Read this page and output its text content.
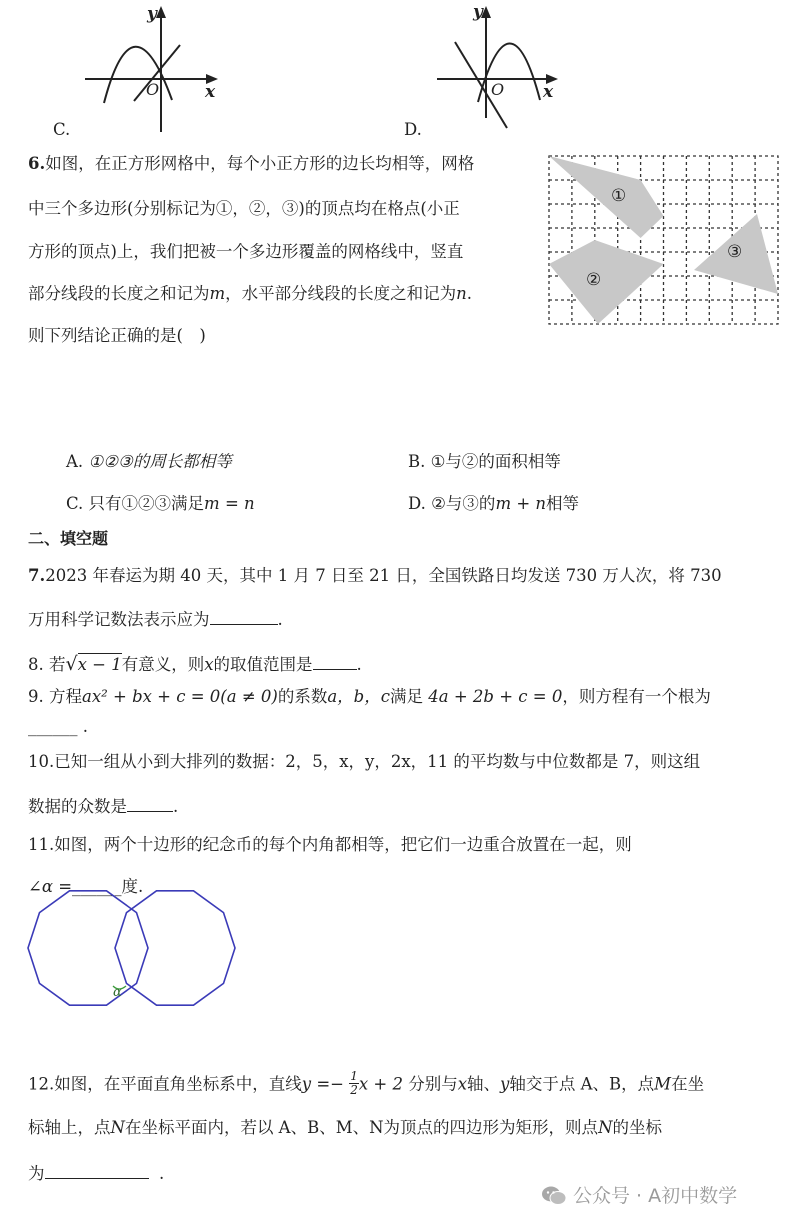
y
x
O
y
x
O
C.	D.
6.如图，在正方形网格中，每个小正方形的边长均相等，网格
中三个多边形(分别标记为①，②，③)的顶点均在格点(小正
方形的顶点)上，我们把被一个多边形覆盖的网格线中，竖直
部分线段的长度之和记为m，水平部分线段的长度之和记为n.
则下列结论正确的是(　)
①
②
③
A. ①②③的周长都相等	B. ①与②的面积相等
C. 只有①②③满足m = n	D. ②与③的m + n相等
二、填空题
7.2023 年春运为期 40 天，其中 1 月 7 日至 21 日，全国铁路日均发送 730 万人次，将 730
万用科学记数法表示应为	.
8. 若√x − 1有意义，则x的取值范围是	.
9. 方程ax² + bx + c = 0(a ≠ 0)的系数a，b，c满足 4a + 2b + c = 0，则方程有一个根为
______ .
10.已知一组从小到大排列的数据：2，5，x，y，2x，11 的平均数与中位数都是 7，则这组
数据的众数是	.
11.如图，两个十边形的纪念币的每个内角都相等，把它们一边重合放置在一起，则
∠α =______度.
α
12.如图，在平面直角坐标系中，直线$y =- \frac{1}{2}$ x + 2 分别与x轴、y轴交于点 A、B，点M在坐
标轴上，点N在坐标平面内，若以 A、B、M、N为顶点的四边形为矩形，则点N的坐标
为	.
公众号 · A初中数学
